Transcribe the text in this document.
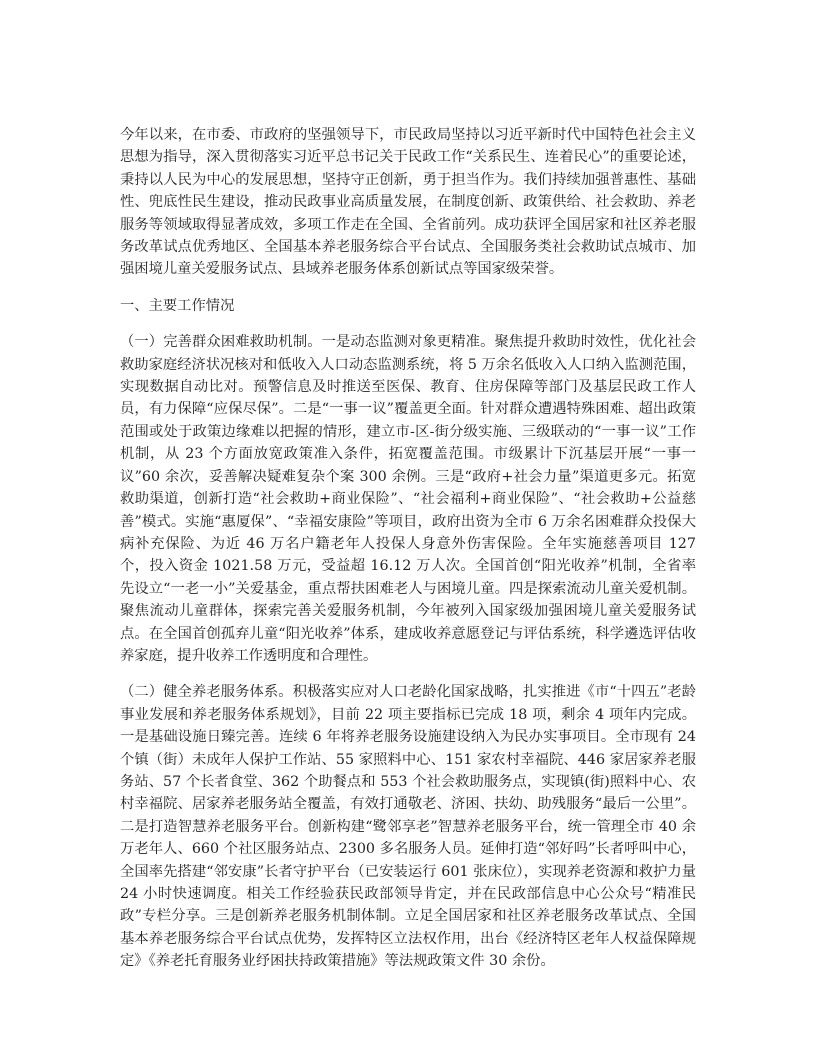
今年以来，在市委、市政府的坚强领导下，市民政局坚持以习近平新时代中国特色社会主义思想为指导，深入贯彻落实习近平总书记关于民政工作“关系民生、连着民心”的重要论述，秉持以人民为中心的发展思想，坚持守正创新，勇于担当作为。我们持续加强普惠性、基础性、兜底性民生建设，推动民政事业高质量发展，在制度创新、政策供给、社会救助、养老服务等领域取得显著成效，多项工作走在全国、全省前列。成功获评全国居家和社区养老服务改革试点优秀地区、全国基本养老服务综合平台试点、全国服务类社会救助试点城市、加强困境儿童关爱服务试点、县域养老服务体系创新试点等国家级荣誉。

一、主要工作情况

（一）完善群众困难救助机制。一是动态监测对象更精准。聚焦提升救助时效性，优化社会救助家庭经济状况核对和低收入人口动态监测系统，将 5 万余名低收入人口纳入监测范围，实现数据自动比对。预警信息及时推送至医保、教育、住房保障等部门及基层民政工作人员，有力保障“应保尽保”。二是“一事一议”覆盖更全面。针对群众遭遇特殊困难、超出政策范围或处于政策边缘难以把握的情形，建立市-区-街分级实施、三级联动的“一事一议”工作机制，从 23 个方面放宽政策准入条件，拓宽覆盖范围。市级累计下沉基层开展“一事一议”60 余次，妥善解决疑难复杂个案 300 余例。三是“政府+社会力量”渠道更多元。拓宽救助渠道，创新打造“社会救助+商业保险”、“社会福利+商业保险”、“社会救助+公益慈善”模式。实施“惠厦保”、“幸福安康险”等项目，政府出资为全市 6 万余名困难群众投保大病补充保险、为近 46 万名户籍老年人投保人身意外伤害保险。全年实施慈善项目 127 个，投入资金 1021.58 万元，受益超 16.12 万人次。全国首创“阳光收养”机制，全省率先设立“一老一小”关爱基金，重点帮扶困难老人与困境儿童。四是探索流动儿童关爱机制。聚焦流动儿童群体，探索完善关爱服务机制，今年被列入国家级加强困境儿童关爱服务试点。在全国首创孤弃儿童“阳光收养”体系，建成收养意愿登记与评估系统，科学遴选评估收养家庭，提升收养工作透明度和合理性。

（二）健全养老服务体系。积极落实应对人口老龄化国家战略，扎实推进《市“十四五”老龄事业发展和养老服务体系规划》，目前 22 项主要指标已完成 18 项，剩余 4 项年内完成。一是基础设施日臻完善。连续 6 年将养老服务设施建设纳入为民办实事项目。全市现有 24 个镇（街）未成年人保护工作站、55 家照料中心、151 家农村幸福院、446 家居家养老服务站、57 个长者食堂、362 个助餐点和 553 个社会救助服务点，实现镇(街)照料中心、农村幸福院、居家养老服务站全覆盖，有效打通敬老、济困、扶幼、助残服务“最后一公里”。二是打造智慧养老服务平台。创新构建“鹭邻享老”智慧养老服务平台，统一管理全市 40 余万老年人、660 个社区服务站点、2300 多名服务人员。延伸打造“邻好吗”长者呼叫中心，全国率先搭建“邻安康”长者守护平台（已安装运行 601 张床位），实现养老资源和救护力量 24 小时快速调度。相关工作经验获民政部领导肯定，并在民政部信息中心公众号“精准民政”专栏分享。三是创新养老服务机制体制。立足全国居家和社区养老服务改革试点、全国基本养老服务综合平台试点优势，发挥特区立法权作用，出台《经济特区老年人权益保障规定》《养老托育服务业纾困扶持政策措施》等法规政策文件 30 余份。
